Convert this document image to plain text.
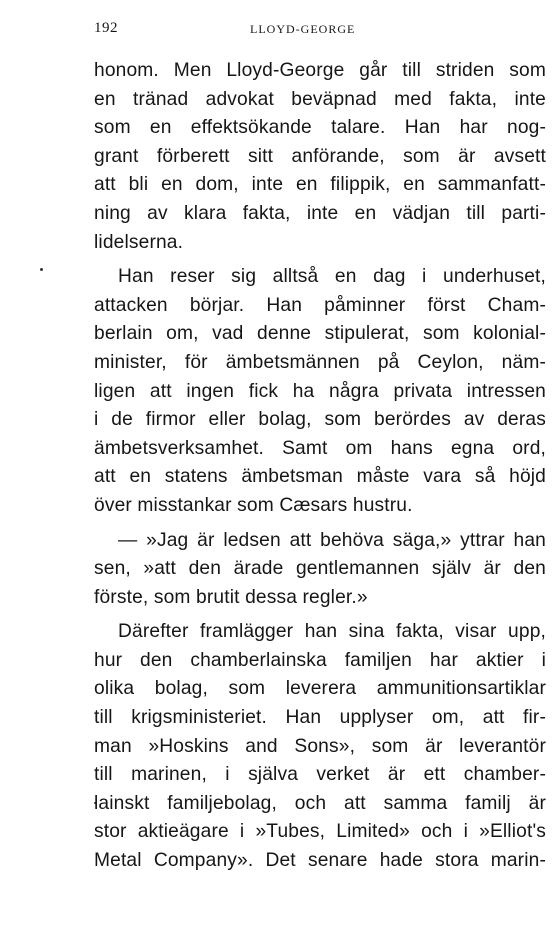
192	LLOYD-GEORGE

honom. Men Lloyd-George går till striden som
en tränad advokat beväpnad med fakta, inte
som en effektsökande talare. Han har nog-
grant förberett sitt anförande, som är avsett
att bli en dom, inte en filippik, en sammanfatt-
ning av klara fakta, inte en vädjan till parti-
lidelserna.

Han reser sig alltså en dag i underhuset,
attacken börjar. Han påminner först Cham-
berlain om, vad denne stipulerat, som kolonial-
minister, för ämbetsmännen på Ceylon, näm-
ligen att ingen fick ha några privata intressen
i de firmor eller bolag, som berördes av deras
ämbetsverksamhet. Samt om hans egna ord,
att en statens ämbetsman måste vara så höjd
över misstankar som Cæsars hustru.

— »Jag är ledsen att behöva säga,» yttrar han
sen, »att den ärade gentlemannen själv är den
förste, som brutit dessa regler.»

Därefter framlägger han sina fakta, visar upp,
hur den chamberlainska familjen har aktier i
olika bolag, som leverera ammunitionsartiklar
till krigsministeriet. Han upplyser om, att fir-
man »Hoskins and Sons», som är leverantör
till marinen, i själva verket är ett chamber-
lainskt familjebolag, och att samma familj är
stor aktieägare i »Tubes, Limited» och i »Elliot's
Metal Company». Det senare hade stora marin-
